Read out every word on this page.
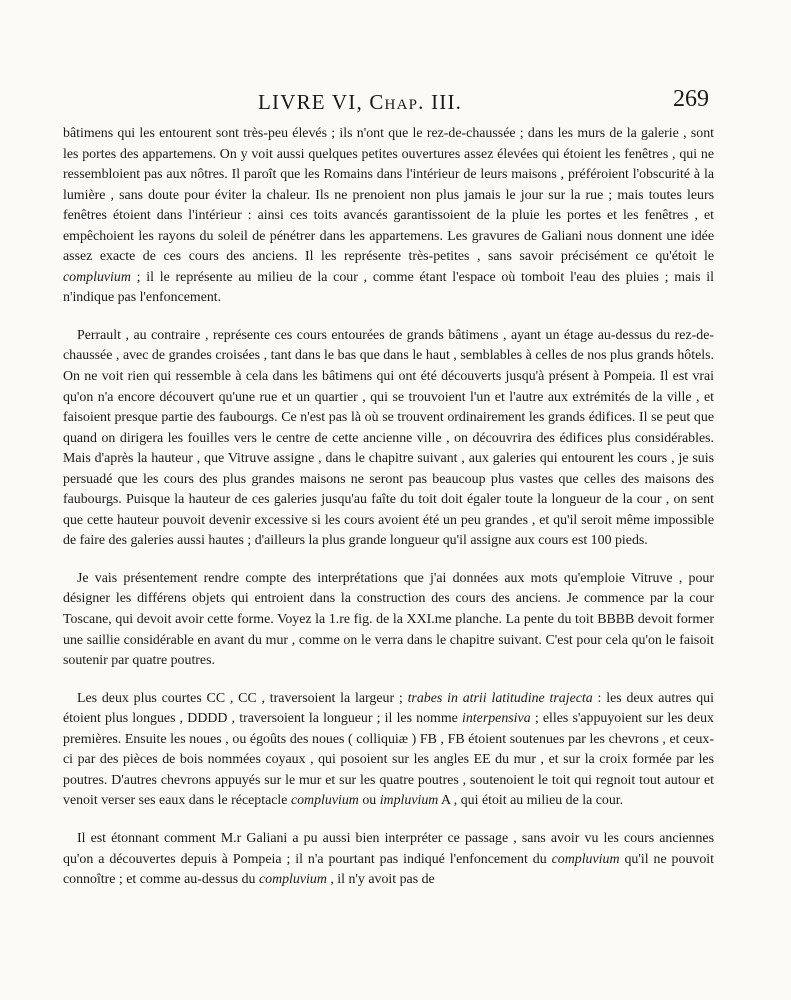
LIVRE VI, Chap. III.	269

bâtimens qui les entourent sont très-peu élevés ; ils n'ont que le rez-de-chaussée ; dans les murs de la galerie , sont les portes des appartemens. On y voit aussi quelques petites ouvertures assez élevées qui étoient les fenêtres , qui ne ressembloient pas aux nôtres. Il paroît que les Romains dans l'intérieur de leurs maisons , préféroient l'obscurité à la lumière , sans doute pour éviter la chaleur. Ils ne prenoient non plus jamais le jour sur la rue ; mais toutes leurs fenêtres étoient dans l'intérieur : ainsi ces toits avancés garantissoient de la pluie les portes et les fenêtres , et empêchoient les rayons du soleil de pénétrer dans les appartemens. Les gravures de Galiani nous donnent une idée assez exacte de ces cours des anciens. Il les représente très-petites , sans savoir précisément ce qu'étoit le compluvium ; il le représente au milieu de la cour , comme étant l'espace où tomboit l'eau des pluies ; mais il n'indique pas l'enfoncement.

Perrault , au contraire , représente ces cours entourées de grands bâtimens , ayant un étage au-dessus du rez-de-chaussée , avec de grandes croisées , tant dans le bas que dans le haut , semblables à celles de nos plus grands hôtels. On ne voit rien qui ressemble à cela dans les bâtimens qui ont été découverts jusqu'à présent à Pompeia. Il est vrai qu'on n'a encore découvert qu'une rue et un quartier , qui se trouvoient l'un et l'autre aux extrémités de la ville , et faisoient presque partie des faubourgs. Ce n'est pas là où se trouvent ordinairement les grands édifices. Il se peut que quand on dirigera les fouilles vers le centre de cette ancienne ville , on découvrira des édifices plus considérables. Mais d'après la hauteur , que Vitruve assigne , dans le chapitre suivant , aux galeries qui entourent les cours , je suis persuadé que les cours des plus grandes maisons ne seront pas beaucoup plus vastes que celles des maisons des faubourgs. Puisque la hauteur de ces galeries jusqu'au faîte du toit doit égaler toute la longueur de la cour , on sent que cette hauteur pouvoit devenir excessive si les cours avoient été un peu grandes , et qu'il seroit même impossible de faire des galeries aussi hautes ; d'ailleurs la plus grande longueur qu'il assigne aux cours est 100 pieds.

Je vais présentement rendre compte des interprétations que j'ai données aux mots qu'emploie Vitruve , pour désigner les différens objets qui entroient dans la construction des cours des anciens. Je commence par la cour Toscane, qui devoit avoir cette forme. Voyez la 1.re fig. de la XXI.me planche. La pente du toit BBBB devoit former une saillie considérable en avant du mur , comme on le verra dans le chapitre suivant. C'est pour cela qu'on le faisoit soutenir par quatre poutres.

Les deux plus courtes CC , CC , traversoient la largeur ; trabes in atrii latitudine trajecta : les deux autres qui étoient plus longues , DDDD , traversoient la longueur ; il les nomme interpensiva ; elles s'appuyoient sur les deux premières. Ensuite les noues , ou égoûts des noues ( colliquiæ ) FB , FB étoient soutenues par les chevrons , et ceux-ci par des pièces de bois nommées coyaux , qui posoient sur les angles EE du mur , et sur la croix formée par les poutres. D'autres chevrons appuyés sur le mur et sur les quatre poutres , soutenoient le toit qui regnoit tout autour et venoit verser ses eaux dans le réceptacle compluvium ou impluvium A , qui étoit au milieu de la cour.

Il est étonnant comment M.r Galiani a pu aussi bien interpréter ce passage , sans avoir vu les cours anciennes qu'on a découvertes depuis à Pompeia ; il n'a pourtant pas indiqué l'enfoncement du compluvium qu'il ne pouvoit connoître ; et comme au-dessus du compluvium , il n'y avoit pas de
